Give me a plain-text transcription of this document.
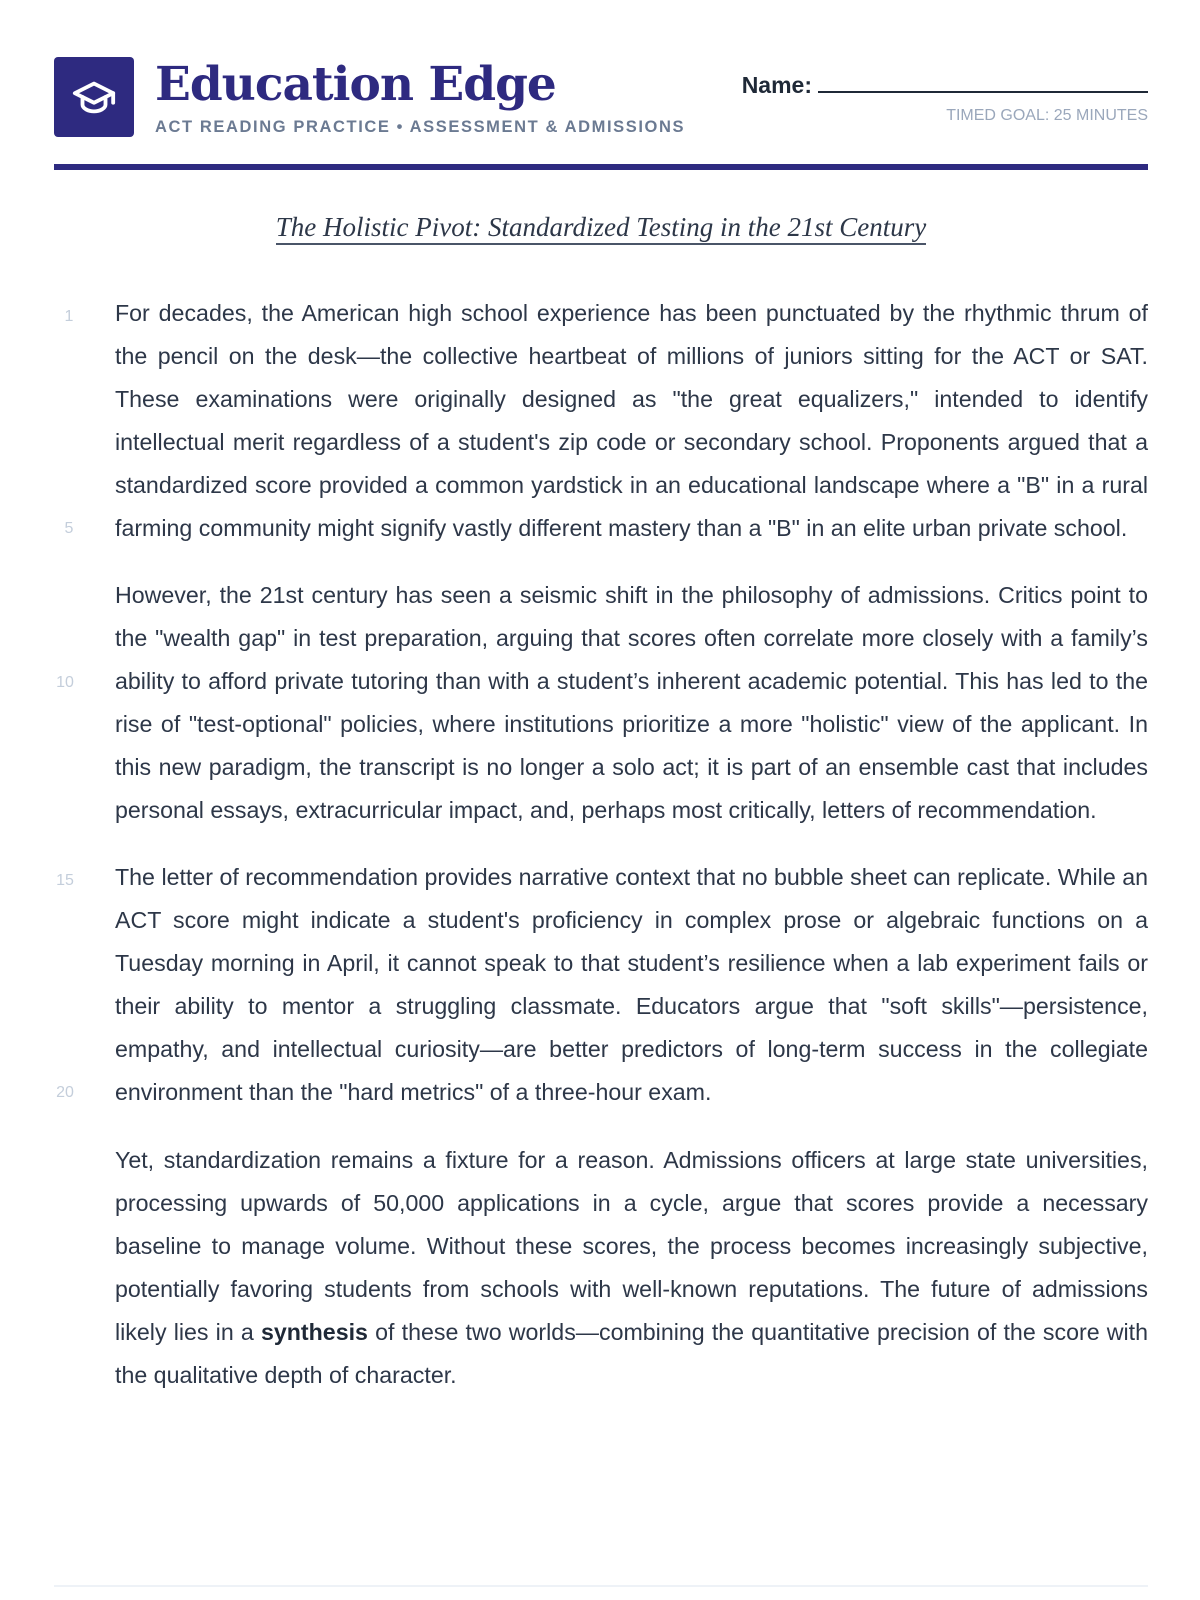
Education Edge
ACT READING PRACTICE • ASSESSMENT & ADMISSIONS
Name:
TIMED GOAL: 25 MINUTES
The Holistic Pivot: Standardized Testing in the 21st Century
1
5
For decades, the American high school experience has been punctuated by the rhythmic thrum of the pencil on the desk—the collective heartbeat of millions of juniors sitting for the ACT or SAT. These examinations were originally designed as "the great equalizers," intended to identify intellectual merit regardless of a student's zip code or secondary school. Proponents argued that a standardized score provided a common yardstick in an educational landscape where a "B" in a rural farming community might signify vastly different mastery than a "B" in an elite urban private school.
10
However, the 21st century has seen a seismic shift in the philosophy of admissions. Critics point to the "wealth gap" in test preparation, arguing that scores often correlate more closely with a family’s ability to afford private tutoring than with a student’s inherent academic potential. This has led to the rise of "test-optional" policies, where institutions prioritize a more "holistic" view of the applicant. In this new paradigm, the transcript is no longer a solo act; it is part of an ensemble cast that includes personal essays, extracurricular impact, and, perhaps most critically, letters of recommendation.
15
20
The letter of recommendation provides narrative context that no bubble sheet can replicate. While an ACT score might indicate a student's proficiency in complex prose or algebraic functions on a Tuesday morning in April, it cannot speak to that student’s resilience when a lab experiment fails or their ability to mentor a struggling classmate. Educators argue that "soft skills"—persistence, empathy, and intellectual curiosity—are better predictors of long-term success in the collegiate environment than the "hard metrics" of a three-hour exam.
Yet, standardization remains a fixture for a reason. Admissions officers at large state universities, processing upwards of 50,000 applications in a cycle, argue that scores provide a necessary baseline to manage volume. Without these scores, the process becomes increasingly subjective, potentially favoring students from schools with well-known reputations. The future of admissions likely lies in a synthesis of these two worlds—combining the quantitative precision of the score with the qualitative depth of character.
